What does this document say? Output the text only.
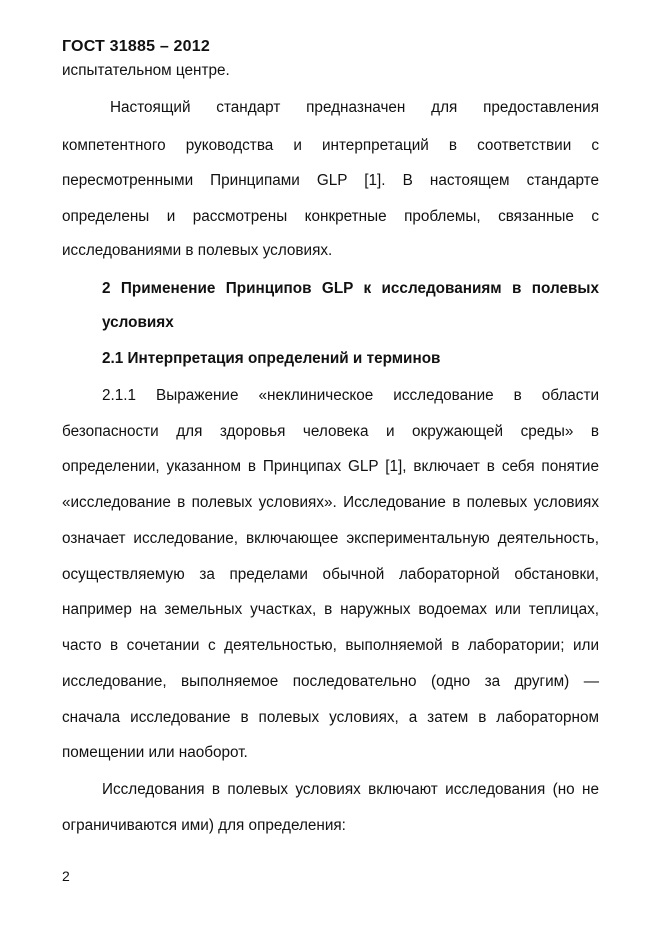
ГОСТ 31885 – 2012
испытательном центре.
Настоящий стандарт предназначен для предоставления
компетентного руководства и интерпретаций в соответствии с
пересмотренными Принципами GLP [1]. В настоящем стандарте
определены и рассмотрены конкретные проблемы, связанные с
исследованиями в полевых условиях.
2 Применение Принципов GLP к исследованиям в полевых
условиях
2.1 Интерпретация определений и терминов
2.1.1 Выражение «неклиническое исследование в области
безопасности для здоровья человека и окружающей среды» в
определении, указанном в Принципах GLP [1], включает в себя понятие
«исследование в полевых условиях». Исследование в полевых условиях
означает исследование, включающее экспериментальную деятельность,
осуществляемую за пределами обычной лабораторной обстановки,
например на земельных участках, в наружных водоемах или теплицах,
часто в сочетании с деятельностью, выполняемой в лаборатории; или
исследование, выполняемое последовательно (одно за другим) —
сначала исследование в полевых условиях, а затем в лабораторном
помещении или наоборот.
Исследования в полевых условиях включают исследования (но не
ограничиваются ими) для определения:
2
